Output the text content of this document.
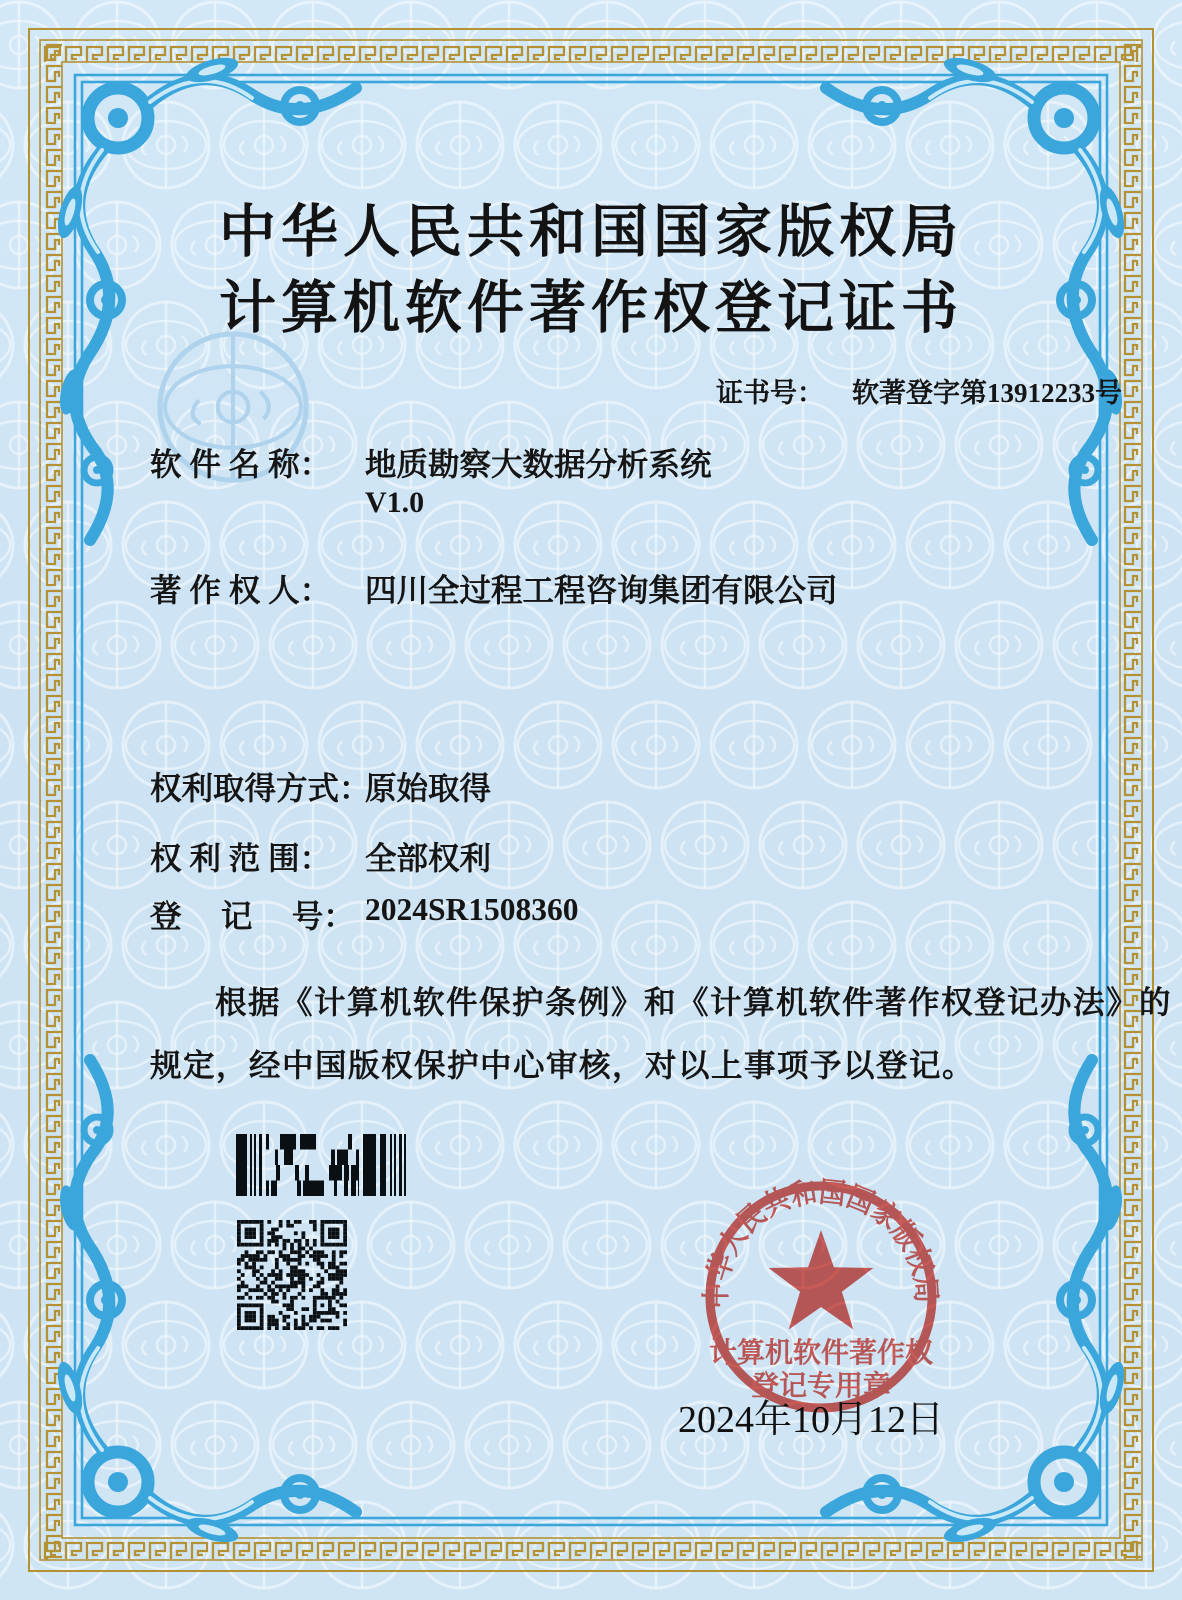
中华人民共和国国家版权局
计算机软件著作权登记证书
证书号： 软著登字第13912233号
软 件 名 称： 地质勘察大数据分析系统
V1.0
著 作 权 人： 四川全过程工程咨询集团有限公司
权利取得方式：
原始取得
权 利 范 围： 全部权利
登　 记　 号： 2024SR1508360
根据《计算机软件保护条例》和《计算机软件著作权登记办法》的
规定，经中国版权保护中心审核，对以上事项予以登记。
中华人民共和国国家版权局
计算机软件著作权
登记专用章
2024年10月12日
